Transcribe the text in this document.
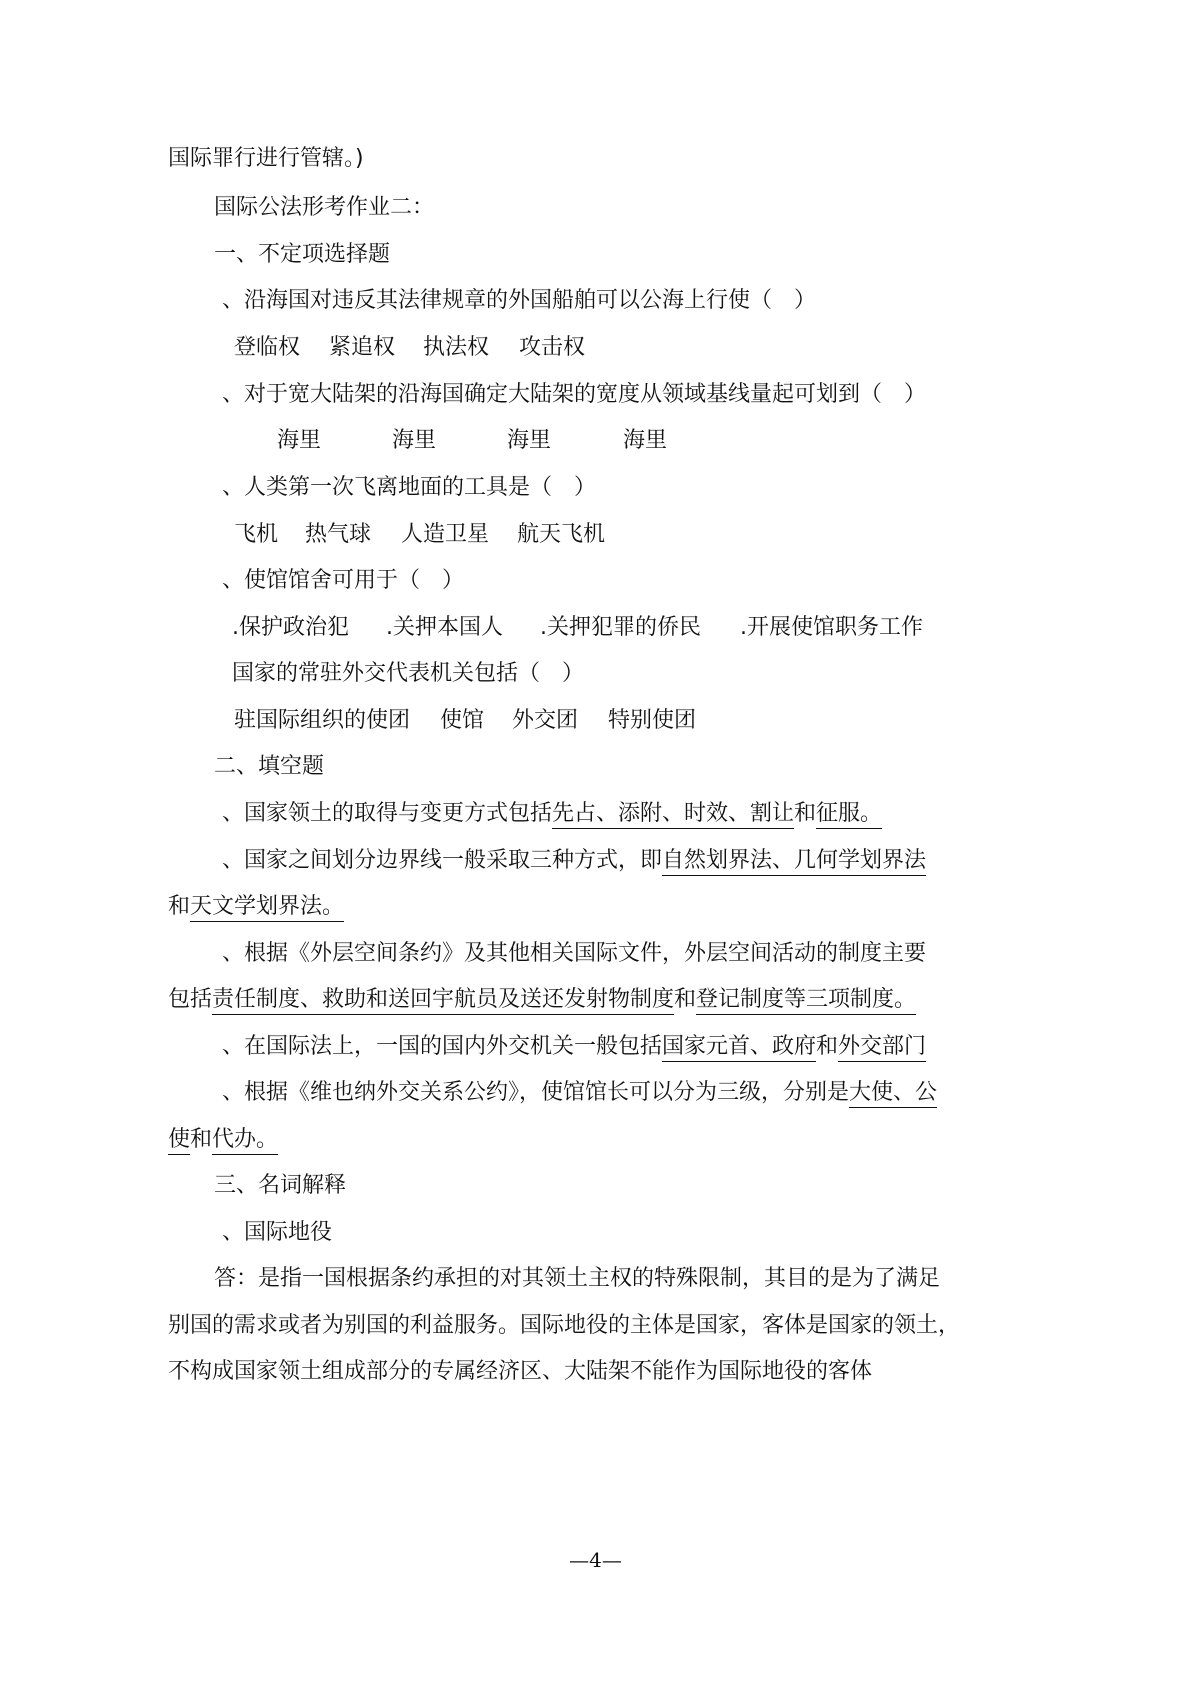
国际罪行进行管辖。)
国际公法形考作业二：
一、不定项选择题
、沿海国对违反其法律规章的外国船舶可以公海上行使（　）
登临权 紧追权 执法权 攻击权
、对于宽大陆架的沿海国确定大陆架的宽度从领域基线量起可划到（　）
海里	海里	海里	海里
、人类第一次飞离地面的工具是（　）
飞机 热气球 人造卫星 航天飞机
、使馆馆舍可用于（　）
.保护政治犯 .关押本国人 .关押犯罪的侨民 .开展使馆职务工作
国家的常驻外交代表机关包括（　）
驻国际组织的使团 使馆 外交团 特别使团
二、填空题
、国家领土的取得与变更方式包括先占、添附、时效、割让和征服。
、国家之间划分边界线一般采取三种方式，即自然划界法、几何学划界法
和天文学划界法。
、根据《外层空间条约》及其他相关国际文件，外层空间活动的制度主要
包括责任制度、救助和送回宇航员及送还发射物制度和登记制度等三项制度。
、在国际法上，一国的国内外交机关一般包括国家元首、政府和外交部门
、根据《维也纳外交关系公约》，使馆馆长可以分为三级，分别是大使、公
使和代办。
三、名词解释
、国际地役
答：是指一国根据条约承担的对其领土主权的特殊限制，其目的是为了满足
别国的需求或者为别国的利益服务。国际地役的主体是国家，客体是国家的领土，
不构成国家领土组成部分的专属经济区、大陆架不能作为国际地役的客体
—4—
